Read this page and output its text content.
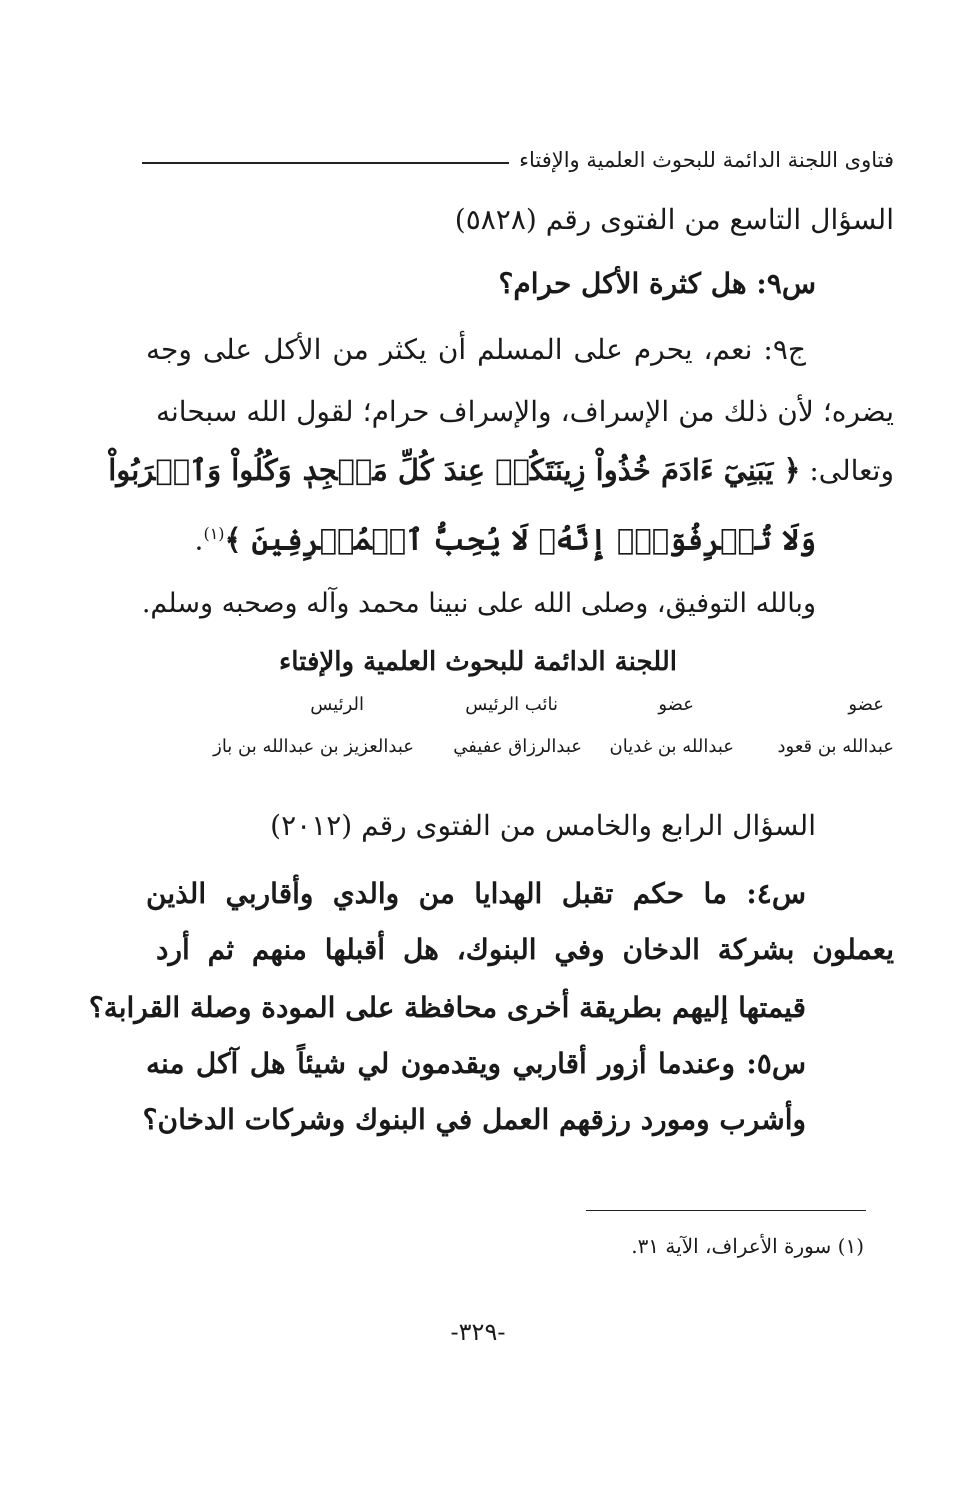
فتاوى اللجنة الدائمة للبحوث العلمية والإفتاء

السؤال التاسع من الفتوى رقم (٥٨٢٨)

س٩: هل كثرة الأكل حرام؟

ج٩: نعم، يحرم على المسلم أن يكثر من الأكل على وجه

يضره؛ لأن ذلك من الإسراف، والإسراف حرام؛ لقول الله سبحانه

وتعالى: ﴿ يَبَنِيٓ ءَادَمَ خُذُواْ زِينَتَكُمۡ عِندَ كُلِّ مَسۡجِدٖ وَكُلُواْ وَٱشۡرَبُواْ

وَلَا تُسۡرِفُوٓاْۚ إِنَّهُۥ لَا يُحِبُّ ٱلۡمُسۡرِفِينَ ﴾$^{(١)}$.

وبالله التوفيق، وصلى الله على نبينا محمد وآله وصحبه وسلم.

اللجنة الدائمة للبحوث العلمية والإفتاء

عضو
عضو
نائب الرئيس
الرئيس
عبدالله بن قعود
عبدالله بن غديان
عبدالرزاق عفيفي
عبدالعزيز بن عبدالله بن باز

السؤال الرابع والخامس من الفتوى رقم (٢٠١٢)

س٤: ما حكم تقبل الهدايا من والدي وأقاربي الذين

يعملون بشركة الدخان وفي البنوك، هل أقبلها منهم ثم أرد

قيمتها إليهم بطريقة أخرى محافظة على المودة وصلة القرابة؟

س٥: وعندما أزور أقاربي ويقدمون لي شيئاً هل آكل منه

وأشرب ومورد رزقهم العمل في البنوك وشركات الدخان؟

(١) سورة الأعراف، الآية ٣١.

-٣٢٩-
